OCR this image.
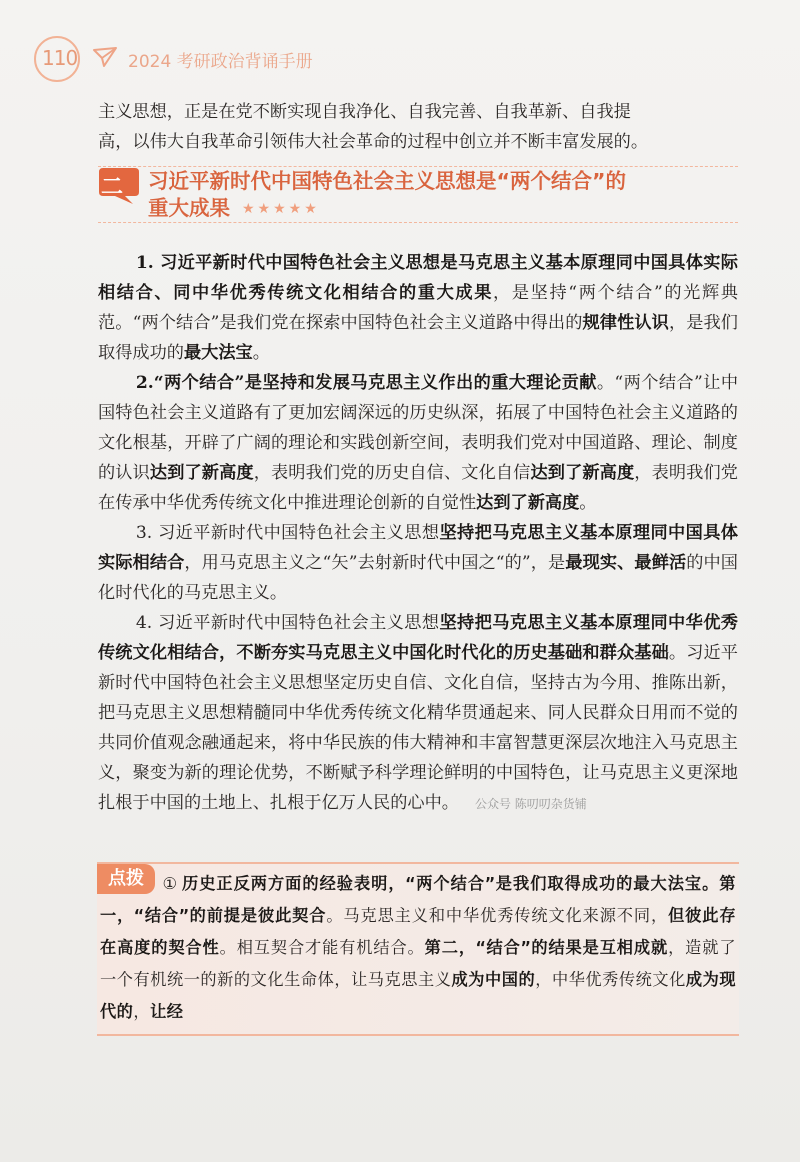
110	2024 考研政治背诵手册

主义思想，正是在党不断实现自我净化、自我完善、自我革新、自我提

高，以伟大自我革命引领伟大社会革命的过程中创立并不断丰富发展的。

二 习近平新时代中国特色社会主义思想是“两个结合”的
重大成果 ★★★★★

1. 习近平新时代中国特色社会主义思想是马克思主义基本原理同中国具体实际相结合、同中华优秀传统文化相结合的重大成果，是坚持“两个结合”的光辉典范。“两个结合”是我们党在探索中国特色社会主义道路中得出的规律性认识，是我们取得成功的最大法宝。

2.“两个结合”是坚持和发展马克思主义作出的重大理论贡献。“两个结合”让中国特色社会主义道路有了更加宏阔深远的历史纵深，拓展了中国特色社会主义道路的文化根基，开辟了广阔的理论和实践创新空间，表明我们党对中国道路、理论、制度的认识达到了新高度，表明我们党的历史自信、文化自信达到了新高度，表明我们党在传承中华优秀传统文化中推进理论创新的自觉性达到了新高度。

3. 习近平新时代中国特色社会主义思想坚持把马克思主义基本原理同中国具体实际相结合，用马克思主义之“矢”去射新时代中国之“的”，是最现实、最鲜活的中国化时代化的马克思主义。

4. 习近平新时代中国特色社会主义思想坚持把马克思主义基本原理同中华优秀传统文化相结合，不断夯实马克思主义中国化时代化的历史基础和群众基础。习近平新时代中国特色社会主义思想坚定历史自信、文化自信，坚持古为今用、推陈出新，把马克思主义思想精髓同中华优秀传统文化精华贯通起来、同人民群众日用而不觉的共同价值观念融通起来，将中华民族的伟大精神和丰富智慧更深层次地注入马克思主义，聚变为新的理论优势，不断赋予科学理论鲜明的中国特色，让马克思主义更深地扎根于中国的土地上、扎根于亿万人民的心中。 公众号 陈叨叨杂货铺

点拨	① 历史正反两方面的经验表明，“两个结合”是我们取得成功的最大法宝。第一，“结合”的前提是彼此契合。马克思主义和中华优秀传统文化来源不同，但彼此存在高度的契合性。相互契合才能有机结合。第二，“结合”的结果是互相成就，造就了一个有机统一的新的文化生命体，让马克思主义成为中国的，中华优秀传统文化成为现代的，让经
